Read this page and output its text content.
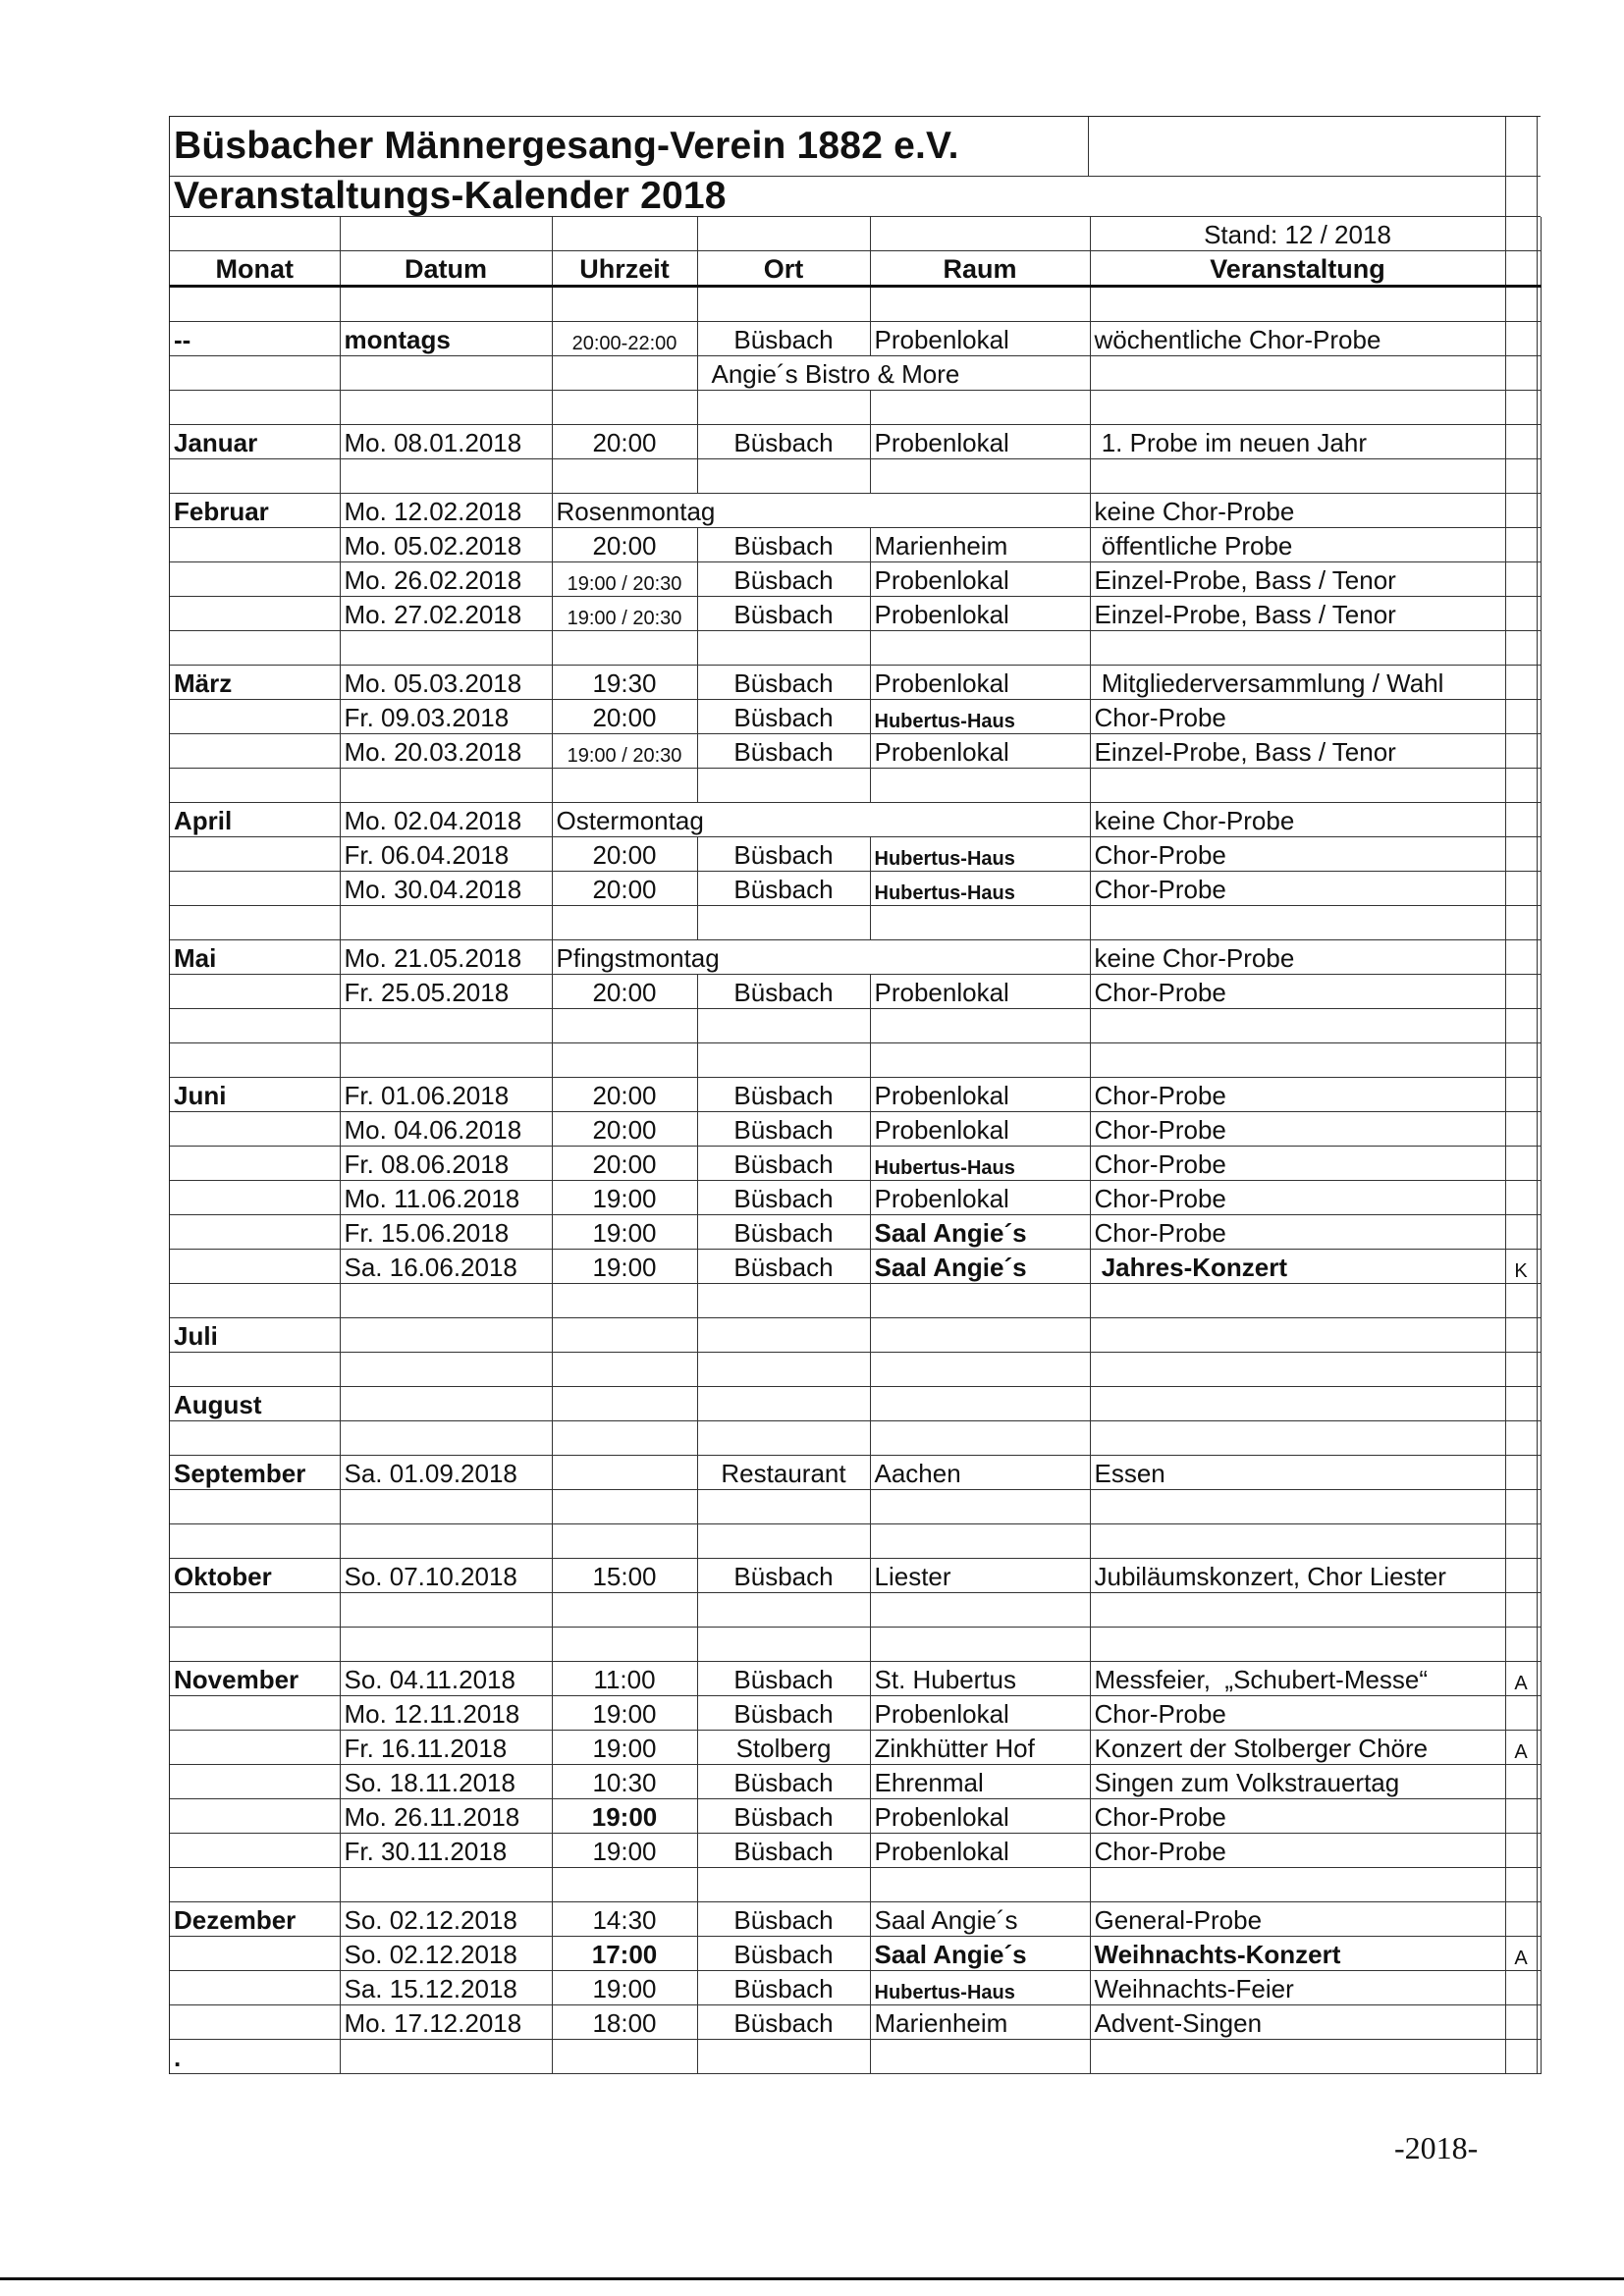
Büsbacher Männergesang-Verein 1882 e.V.
Veranstaltungs-Kalender 2018
					Stand: 12 / 2018		
Monat	Datum	Uhrzeit	Ort	Raum	Veranstaltung		

--	montags	20:00-22:00	Büsbach	Probenlokal	wöchentliche Chor-Probe		
			Angie´s Bistro & More				

Januar	Mo. 08.01.2018	20:00	Büsbach	Probenlokal	1. Probe im neuen Jahr		

Februar	Mo. 12.02.2018	Rosenmontag			keine Chor-Probe		
	Mo. 05.02.2018	20:00	Büsbach	Marienheim	öffentliche Probe		
	Mo. 26.02.2018	19:00 / 20:30	Büsbach	Probenlokal	Einzel-Probe, Bass / Tenor		
	Mo. 27.02.2018	19:00 / 20:30	Büsbach	Probenlokal	Einzel-Probe, Bass / Tenor		

März	Mo. 05.03.2018	19:30	Büsbach	Probenlokal	Mitgliederversammlung / Wahl		
	Fr. 09.03.2018	20:00	Büsbach	Hubertus-Haus	Chor-Probe		
	Mo. 20.03.2018	19:00 / 20:30	Büsbach	Probenlokal	Einzel-Probe, Bass / Tenor		

April	Mo. 02.04.2018	Ostermontag			keine Chor-Probe		
	Fr. 06.04.2018	20:00	Büsbach	Hubertus-Haus	Chor-Probe		
	Mo. 30.04.2018	20:00	Büsbach	Hubertus-Haus	Chor-Probe		

Mai	Mo. 21.05.2018	Pfingstmontag			keine Chor-Probe		
	Fr. 25.05.2018	20:00	Büsbach	Probenlokal	Chor-Probe		

Juni	Fr. 01.06.2018	20:00	Büsbach	Probenlokal	Chor-Probe		
	Mo. 04.06.2018	20:00	Büsbach	Probenlokal	Chor-Probe		
	Fr. 08.06.2018	20:00	Büsbach	Hubertus-Haus	Chor-Probe		
	Mo. 11.06.2018	19:00	Büsbach	Probenlokal	Chor-Probe		
	Fr. 15.06.2018	19:00	Büsbach	Saal Angie´s	Chor-Probe		
	Sa. 16.06.2018	19:00	Büsbach	Saal Angie´s	Jahres-Konzert	K	

Juli							

August							

September	Sa. 01.09.2018		Restaurant	Aachen	Essen		

Oktober	So. 07.10.2018	15:00	Büsbach	Liester	Jubiläumskonzert, Chor Liester		

November	So. 04.11.2018	11:00	Büsbach	St. Hubertus	Messfeier,  „Schubert-Messe“	A	
	Mo. 12.11.2018	19:00	Büsbach	Probenlokal	Chor-Probe		
	Fr. 16.11.2018	19:00	Stolberg	Zinkhütter Hof	Konzert der Stolberger Chöre	A	
	So. 18.11.2018	10:30	Büsbach	Ehrenmal	Singen zum Volkstrauertag		
	Mo. 26.11.2018	19:00	Büsbach	Probenlokal	Chor-Probe		
	Fr. 30.11.2018	19:00	Büsbach	Probenlokal	Chor-Probe		

Dezember	So. 02.12.2018	14:30	Büsbach	Saal Angie´s	General-Probe		
	So. 02.12.2018	17:00	Büsbach	Saal Angie´s	Weihnachts-Konzert	A	
	Sa. 15.12.2018	19:00	Büsbach	Hubertus-Haus	Weihnachts-Feier		
	Mo. 17.12.2018	18:00	Büsbach	Marienheim	Advent-Singen		
.							
-2018-
